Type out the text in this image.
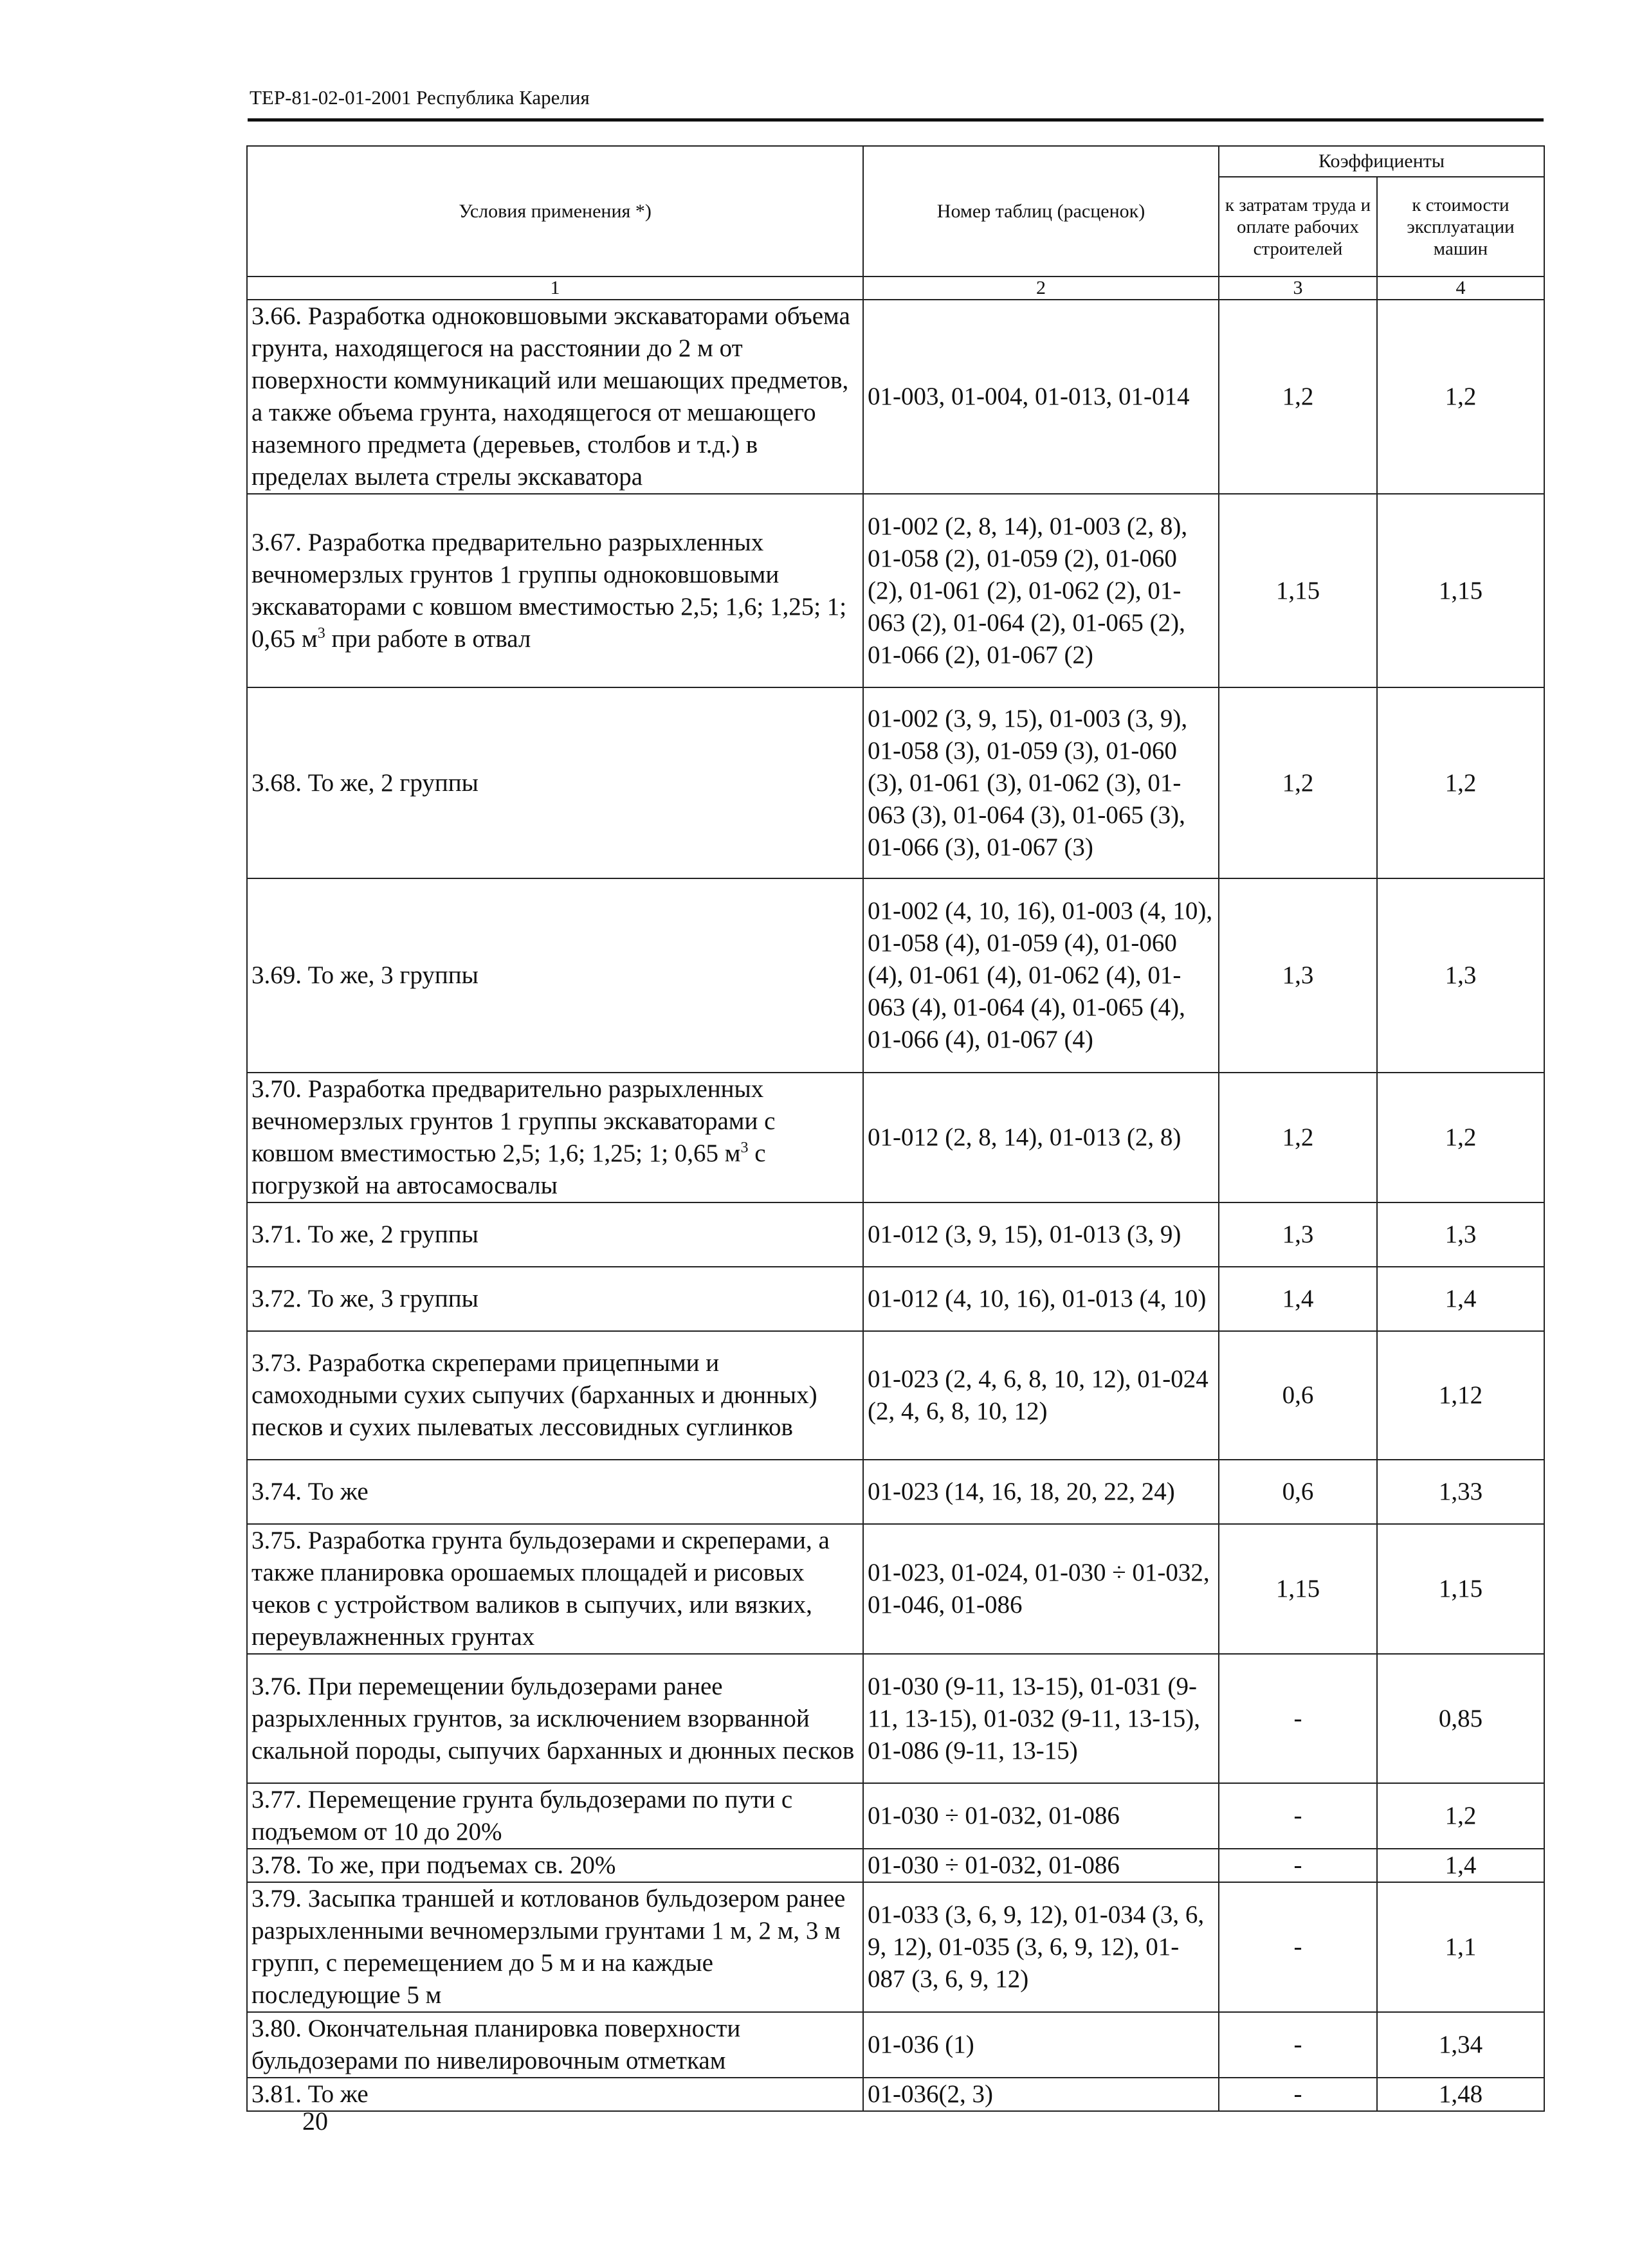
ТЕР-81-02-01-2001 Республика Карелия
Условия применения *)	Номер таблиц (расценок)	Коэффициенты	
		к затратам труда и оплате рабочих строителей	к стоимости эксплуатации машин
1	2	3	4
3.66. Разработка одноковшовыми экскаваторами объема грунта, находящегося на расстоянии до 2 м от поверхности коммуникаций или мешающих предметов, а также объема грунта, находящегося от мешающего наземного предмета (деревьев, столбов и т.д.) в пределах вылета стрелы экскаватора	01-003, 01-004, 01-013, 01-014	1,2	1,2
3.67. Разработка предварительно разрыхленных вечномерзлых грунтов 1 группы одноковшовыми экскаваторами с ковшом вместимостью 2,5; 1,6; 1,25; 1; 0,65 $м^3$ при работе в отвал	01-002 (2, 8, 14), 01-003 (2, 8), 01-058 (2), 01-059 (2), 01-060 (2), 01-061 (2), 01-062 (2), 01-063 (2), 01-064 (2), 01-065 (2), 01-066 (2), 01-067 (2)	1,15	1,15
3.68. То же, 2 группы	01-002 (3, 9, 15), 01-003 (3, 9), 01-058 (3), 01-059 (3), 01-060 (3), 01-061 (3), 01-062 (3), 01-063 (3), 01-064 (3), 01-065 (3), 01-066 (3), 01-067 (3)	1,2	1,2
3.69. То же, 3 группы	01-002 (4, 10, 16), 01-003 (4, 10), 01-058 (4), 01-059 (4), 01-060 (4), 01-061 (4), 01-062 (4), 01-063 (4), 01-064 (4), 01-065 (4), 01-066 (4), 01-067 (4)	1,3	1,3
3.70. Разработка предварительно разрыхленных вечномерзлых грунтов 1 группы экскаваторами с ковшом вместимостью 2,5; 1,6; 1,25; 1; 0,65 $м^3$ с погрузкой на автосамосвалы	01-012 (2, 8, 14), 01-013 (2, 8)	1,2	1,2
3.71. То же, 2 группы	01-012 (3, 9, 15), 01-013 (3, 9)	1,3	1,3
3.72. То же, 3 группы	01-012 (4, 10, 16), 01-013 (4, 10)	1,4	1,4
3.73. Разработка скреперами прицепными и самоходными сухих сыпучих (барханных и дюнных) песков и сухих пылеватых лессовидных суглинков	01-023 (2, 4, 6, 8, 10, 12), 01-024 (2, 4, 6, 8, 10, 12)	0,6	1,12
3.74. То же	01-023 (14, 16, 18, 20, 22, 24)	0,6	1,33
3.75. Разработка грунта бульдозерами и скреперами, а также планировка орошаемых площадей и рисовых чеков с устройством валиков в сыпучих, или вязких, переувлажненных грунтах	01-023, 01-024, 01-030 ÷ 01-032, 01-046, 01-086	1,15	1,15
3.76. При перемещении бульдозерами ранее разрыхленных грунтов, за исключением взорванной скальной породы, сыпучих барханных и дюнных песков	01-030 (9-11, 13-15), 01-031 (9-11, 13-15), 01-032 (9-11, 13-15), 01-086 (9-11, 13-15)	-	0,85
3.77. Перемещение грунта бульдозерами по пути с подъемом от 10 до 20%	01-030 ÷ 01-032, 01-086	-	1,2
3.78. То же, при подъемах св. 20%	01-030 ÷ 01-032, 01-086	-	1,4
3.79. Засыпка траншей и котлованов бульдозером ранее разрыхленными вечномерзлыми грунтами 1 м, 2 м, 3 м групп, с перемещением до 5 м и на каждые последующие 5 м	01-033 (3, 6, 9, 12), 01-034 (3, 6, 9, 12), 01-035 (3, 6, 9, 12), 01-087 (3, 6, 9, 12)	-	1,1
3.80. Окончательная планировка поверхности бульдозерами по нивелировочным отметкам	01-036 (1)	-	1,34
3.81. То же	01-036(2, 3)	-	1,48
20
